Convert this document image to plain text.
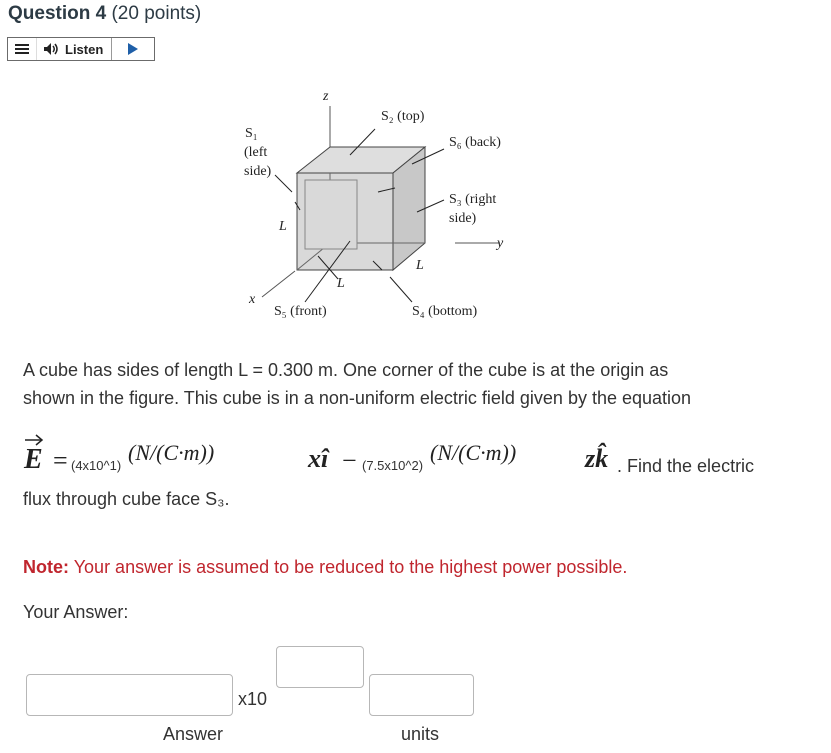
Question 4 (20 points)
Listen
z
y
x
S₁
(left
side)
S₂ (top)
S₆ (back)
S₃ (right
side)
S₅ (front)	S₄ (bottom)
L
L
L
A cube has sides of length L = 0.300 m. One corner of the cube is at the origin as
shown in the figure. This cube is in a non-uniform electric field given by the equation
E = (4x10^1)
(N/(C·m))	xî − (7.5x10^2)
(N/(C·m))	zk̂ . Find the electric
flux through cube face S₃.
Note: Your answer is assumed to be reduced to the highest power possible.
Your Answer:
x10
Answer	units
